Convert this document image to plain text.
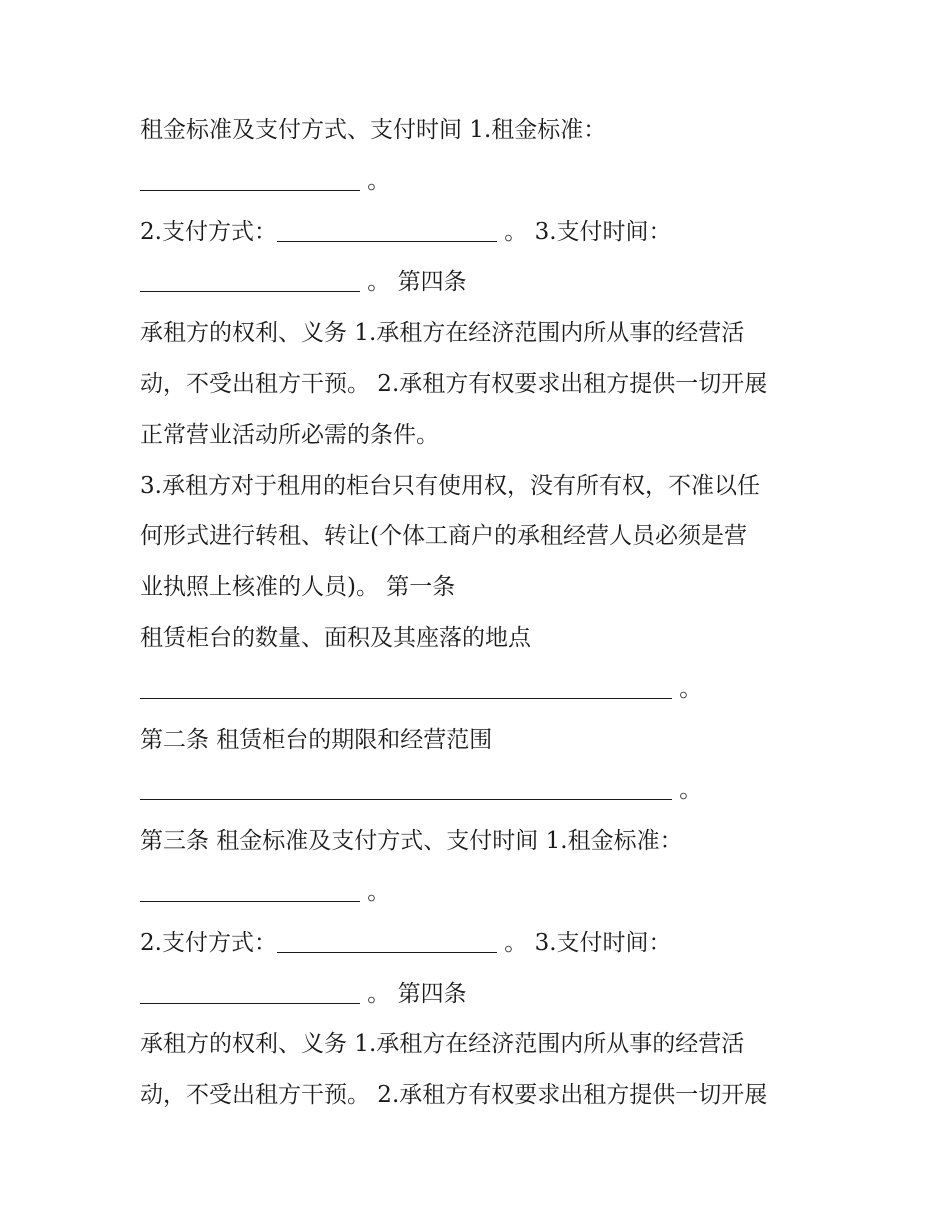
租金标准及支付方式、支付时间 1.租金标准：
。
2.支付方式：	。 3.支付时间：
。 第四条
承租方的权利、义务 1.承租方在经济范围内所从事的经营活
动，不受出租方干预。 2.承租方有权要求出租方提供一切开展
正常营业活动所必需的条件。
3.承租方对于租用的柜台只有使用权，没有所有权，不准以任
何形式进行转租、转让(个体工商户的承租经营人员必须是营
业执照上核准的人员)。 第一条
租赁柜台的数量、面积及其座落的地点
。
第二条 租赁柜台的期限和经营范围
。
第三条 租金标准及支付方式、支付时间 1.租金标准：
。
2.支付方式：	。 3.支付时间：
。 第四条
承租方的权利、义务 1.承租方在经济范围内所从事的经营活
动，不受出租方干预。 2.承租方有权要求出租方提供一切开展
